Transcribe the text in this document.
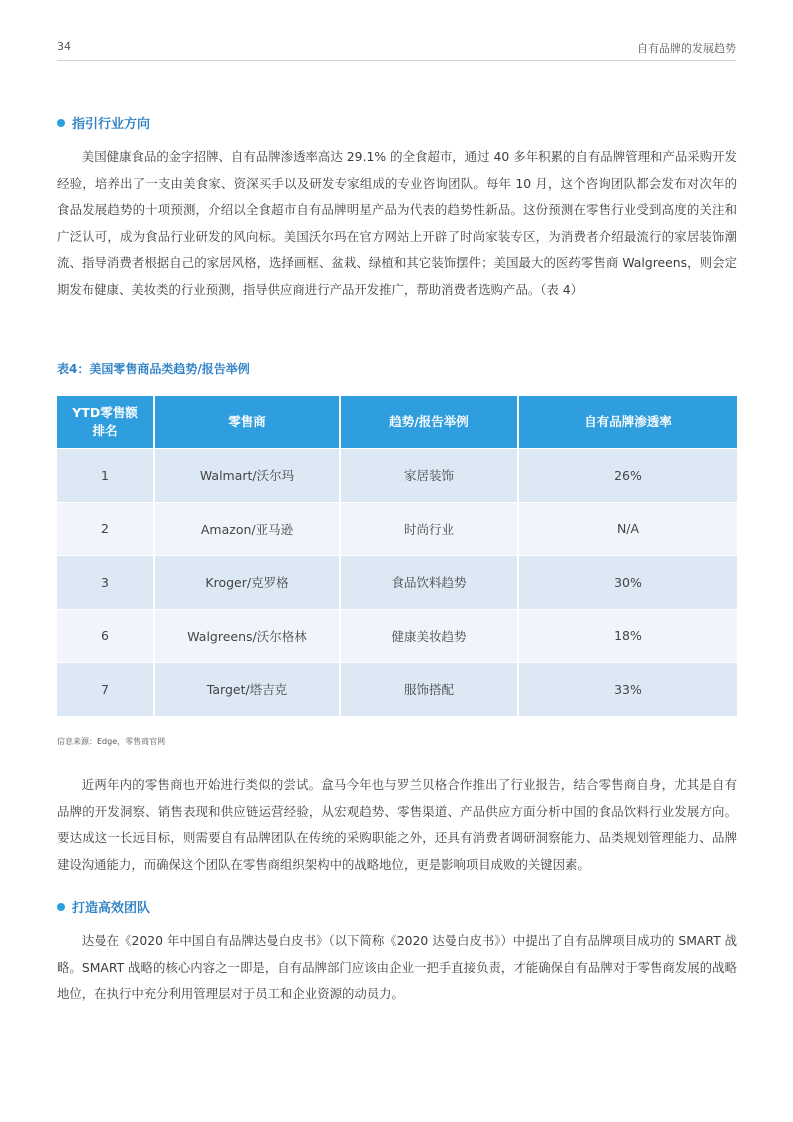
34	自有品牌的发展趋势
指引行业方向

美国健康食品的金字招牌、自有品牌渗透率高达 29.1% 的全食超市，通过 40 多年积累的自有品牌管理和产品采购开发经验，培养出了一支由美食家、资深买手以及研发专家组成的专业咨询团队。每年 10 月，这个咨询团队都会发布对次年的食品发展趋势的十项预测，介绍以全食超市自有品牌明星产品为代表的趋势性新品。这份预测在零售行业受到高度的关注和广泛认可，成为食品行业研发的风向标。美国沃尔玛在官方网站上开辟了时尚家装专区，为消费者介绍最流行的家居装饰潮流、指导消费者根据自己的家居风格，选择画框、盆栽、绿植和其它装饰摆件；美国最大的医药零售商 Walgreens，则会定期发布健康、美妆类的行业预测，指导供应商进行产品开发推广，帮助消费者选购产品。（表 4）

表4：美国零售商品类趋势/报告举例
YTD零售额排名	零售商	趋势/报告举例	自有品牌渗透率
1	Walmart/沃尔玛	家居装饰	26%
2	Amazon/亚马逊	时尚行业	N/A
3	Kroger/克罗格	食品饮料趋势	30%
6	Walgreens/沃尔格林	健康美妆趋势	18%
7	Target/塔吉克	服饰搭配	33%
信息来源：Edge，零售商官网

近两年内的零售商也开始进行类似的尝试。盒马今年也与罗兰贝格合作推出了行业报告，结合零售商自身，尤其是自有品牌的开发洞察、销售表现和供应链运营经验，从宏观趋势、零售渠道、产品供应方面分析中国的食品饮料行业发展方向。要达成这一长远目标，则需要自有品牌团队在传统的采购职能之外，还具有消费者调研洞察能力、品类规划管理能力、品牌建设沟通能力，而确保这个团队在零售商组织架构中的战略地位，更是影响项目成败的关键因素。

打造高效团队

达曼在《2020 年中国自有品牌达曼白皮书》（以下简称《2020 达曼白皮书》）中提出了自有品牌项目成功的 SMART 战略。SMART 战略的核心内容之一即是，自有品牌部门应该由企业一把手直接负责，才能确保自有品牌对于零售商发展的战略地位，在执行中充分利用管理层对于员工和企业资源的动员力。
